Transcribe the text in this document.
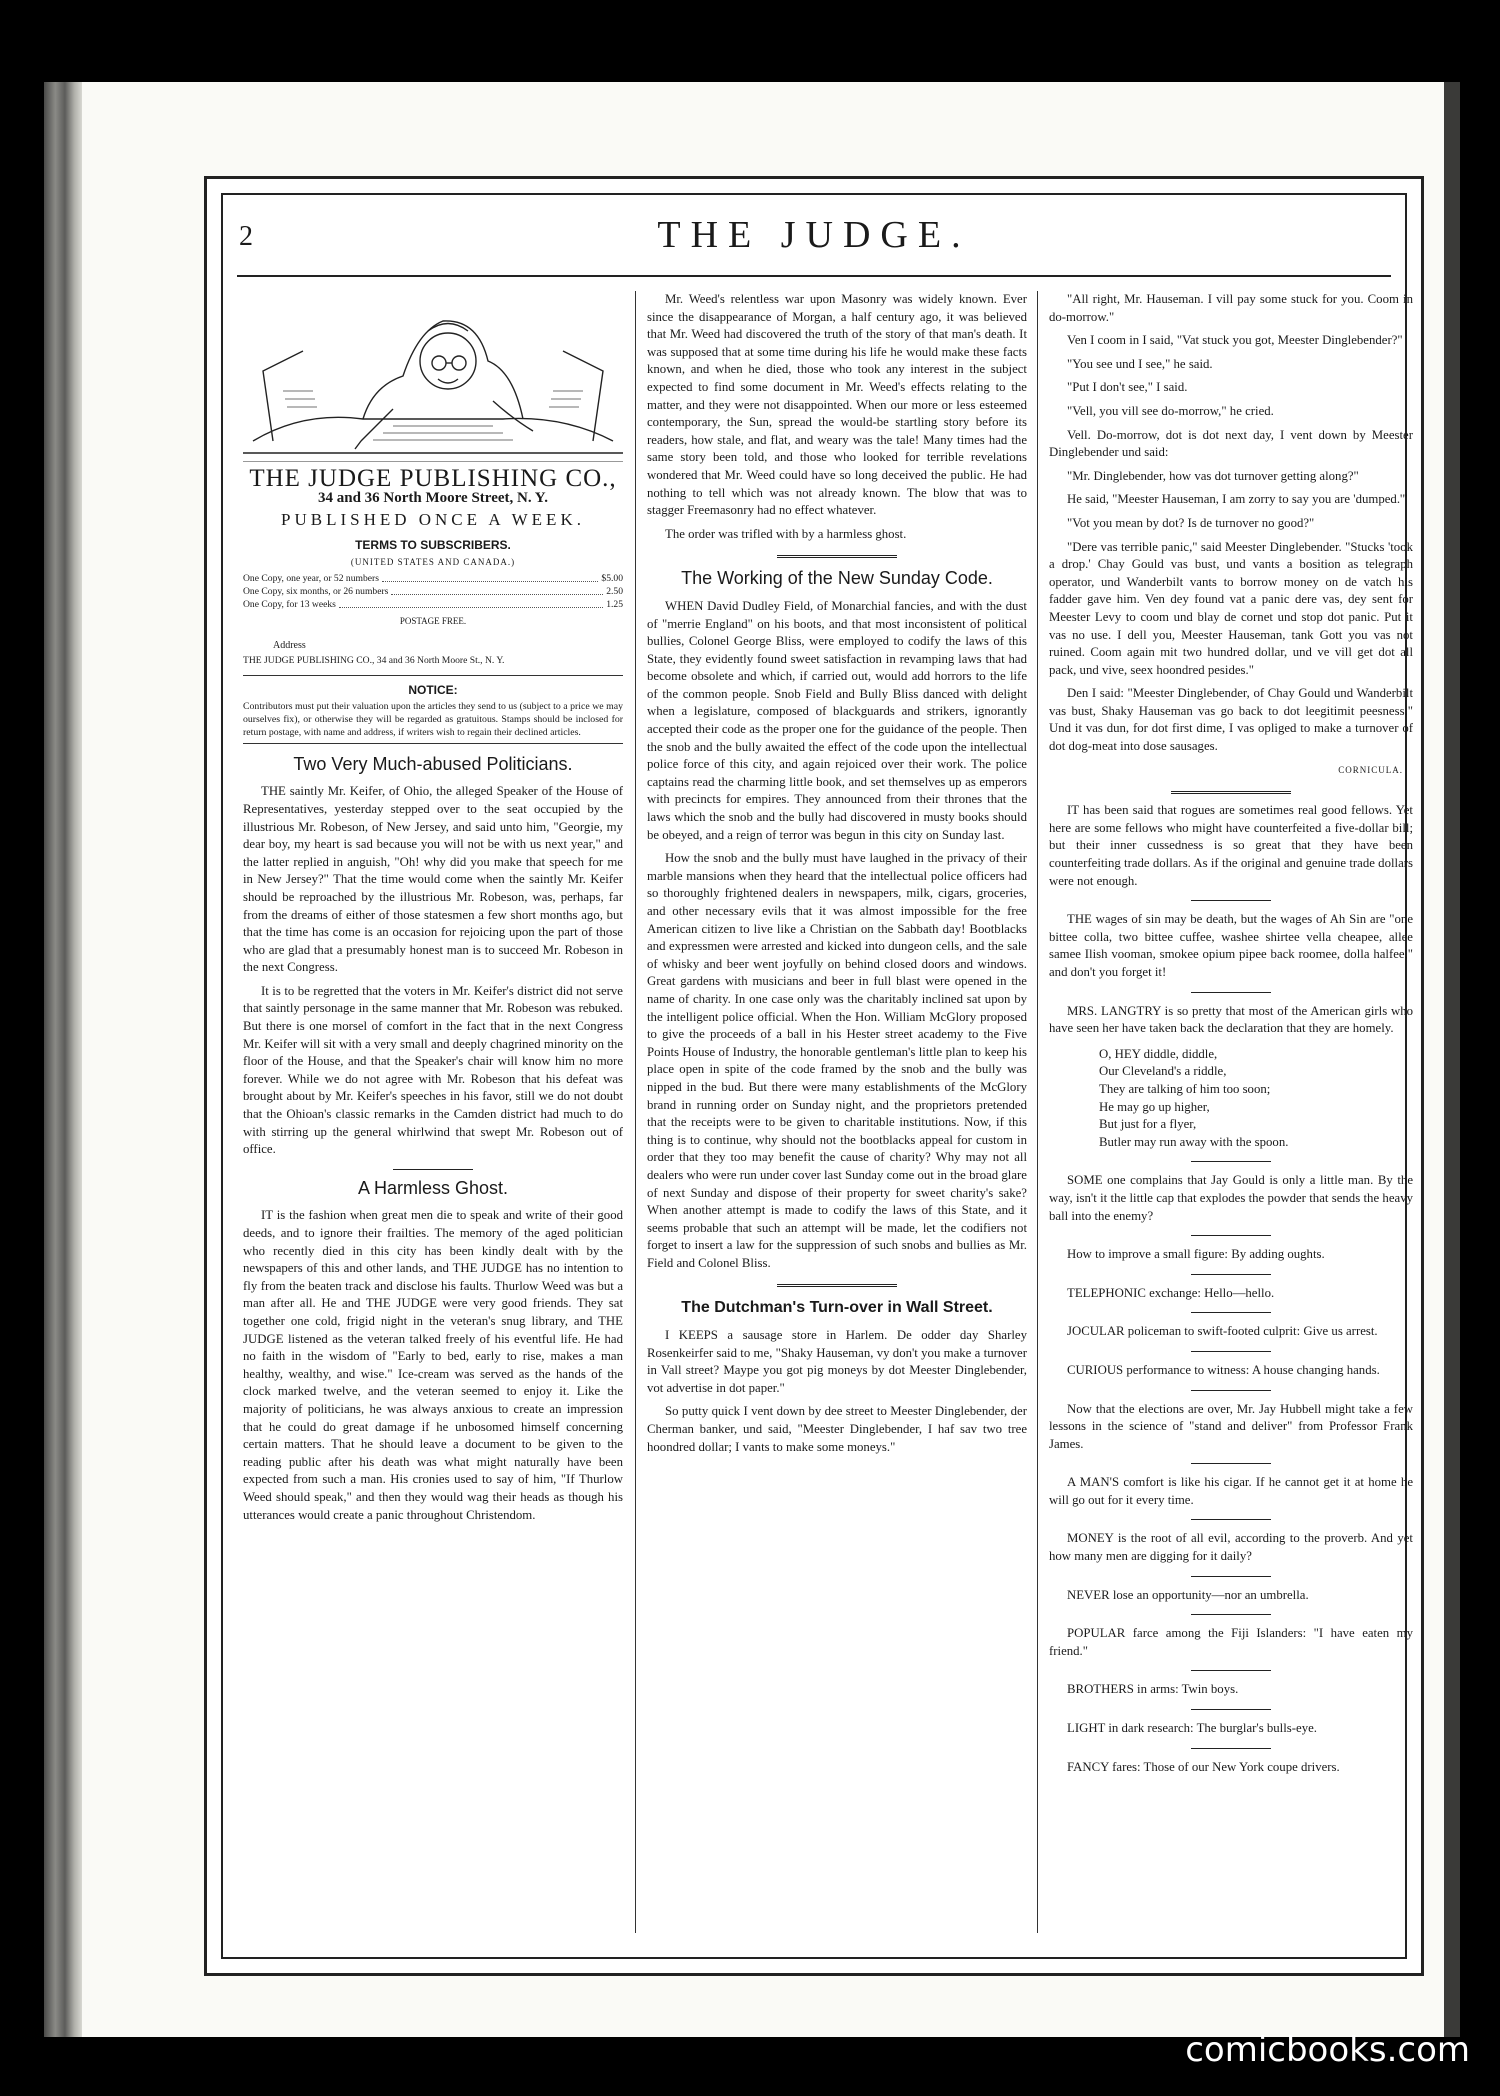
2	THE JUDGE.
THE JUDGE PUBLISHING CO.,
34 and 36 North Moore Street, N. Y.
PUBLISHED ONCE A WEEK.
TERMS TO SUBSCRIBERS.
(UNITED STATES AND CANADA.)
One Copy, one year, or 52 numbers	$5.00
One Copy, six months, or 26 numbers	2.50
One Copy, for 13 weeks	1.25
POSTAGE FREE.
Address
THE JUDGE PUBLISHING CO., 34 and 36 North Moore St., N. Y.
NOTICE:
Contributors must put their valuation upon the articles they send to us (subject to a price we may ourselves fix), or otherwise they will be regarded as gratuitous. Stamps should be inclosed for return postage, with name and address, if writers wish to regain their declined articles.
Two Very Much-abused Politicians.

THE saintly Mr. Keifer, of Ohio, the alleged Speaker of the House of Representatives, yesterday stepped over to the seat occupied by the illustrious Mr. Robeson, of New Jersey, and said unto him, "Georgie, my dear boy, my heart is sad because you will not be with us next year," and the latter replied in anguish, "Oh! why did you make that speech for me in New Jersey?" That the time would come when the saintly Mr. Keifer should be reproached by the illustrious Mr. Robeson, was, perhaps, far from the dreams of either of those statesmen a few short months ago, but that the time has come is an occasion for rejoicing upon the part of those who are glad that a presumably honest man is to succeed Mr. Robeson in the next Congress.

It is to be regretted that the voters in Mr. Keifer's district did not serve that saintly personage in the same manner that Mr. Robeson was rebuked. But there is one morsel of comfort in the fact that in the next Congress Mr. Keifer will sit with a very small and deeply chagrined minority on the floor of the House, and that the Speaker's chair will know him no more forever. While we do not agree with Mr. Robeson that his defeat was brought about by Mr. Keifer's speeches in his favor, still we do not doubt that the Ohioan's classic remarks in the Camden district had much to do with stirring up the general whirlwind that swept Mr. Robeson out of office.

A Harmless Ghost.

IT is the fashion when great men die to speak and write of their good deeds, and to ignore their frailties. The memory of the aged politician who recently died in this city has been kindly dealt with by the newspapers of this and other lands, and THE JUDGE has no intention to fly from the beaten track and disclose his faults. Thurlow Weed was but a man after all. He and THE JUDGE were very good friends. They sat together one cold, frigid night in the veteran's snug library, and THE JUDGE listened as the veteran talked freely of his eventful life. He had no faith in the wisdom of "Early to bed, early to rise, makes a man healthy, wealthy, and wise." Ice-cream was served as the hands of the clock marked twelve, and the veteran seemed to enjoy it. Like the majority of politicians, he was always anxious to create an impression that he could do great damage if he unbosomed himself concerning certain matters. That he should leave a document to be given to the reading public after his death was what might naturally have been expected from such a man. His cronies used to say of him, "If Thurlow Weed should speak," and then they would wag their heads as though his utterances would create a panic throughout Christendom.

Mr. Weed's relentless war upon Masonry was widely known. Ever since the disappearance of Morgan, a half century ago, it was believed that Mr. Weed had discovered the truth of the story of that man's death. It was supposed that at some time during his life he would make these facts known, and when he died, those who took any interest in the subject expected to find some document in Mr. Weed's effects relating to the matter, and they were not disappointed. When our more or less esteemed contemporary, the Sun, spread the would-be startling story before its readers, how stale, and flat, and weary was the tale! Many times had the same story been told, and those who looked for terrible revelations wondered that Mr. Weed could have so long deceived the public. He had nothing to tell which was not already known. The blow that was to stagger Freemasonry had no effect whatever.

The order was trifled with by a harmless ghost.

The Working of the New Sunday Code.

WHEN David Dudley Field, of Monarchial fancies, and with the dust of "merrie England" on his boots, and that most inconsistent of political bullies, Colonel George Bliss, were employed to codify the laws of this State, they evidently found sweet satisfaction in revamping laws that had become obsolete and which, if carried out, would add horrors to the life of the common people. Snob Field and Bully Bliss danced with delight when a legislature, composed of blackguards and strikers, ignorantly accepted their code as the proper one for the guidance of the people. Then the snob and the bully awaited the effect of the code upon the intellectual police force of this city, and again rejoiced over their work. The police captains read the charming little book, and set themselves up as emperors with precincts for empires. They announced from their thrones that the laws which the snob and the bully had discovered in musty books should be obeyed, and a reign of terror was begun in this city on Sunday last.

How the snob and the bully must have laughed in the privacy of their marble mansions when they heard that the intellectual police officers had so thoroughly frightened dealers in newspapers, milk, cigars, groceries, and other necessary evils that it was almost impossible for the free American citizen to live like a Christian on the Sabbath day! Bootblacks and expressmen were arrested and kicked into dungeon cells, and the sale of whisky and beer went joyfully on behind closed doors and windows. Great gardens with musicians and beer in full blast were opened in the name of charity. In one case only was the charitably inclined sat upon by the intelligent police official. When the Hon. William McGlory proposed to give the proceeds of a ball in his Hester street academy to the Five Points House of Industry, the honorable gentleman's little plan to keep his place open in spite of the code framed by the snob and the bully was nipped in the bud. But there were many establishments of the McGlory brand in running order on Sunday night, and the proprietors pretended that the receipts were to be given to charitable institutions. Now, if this thing is to continue, why should not the bootblacks appeal for custom in order that they too may benefit the cause of charity? Why may not all dealers who were run under cover last Sunday come out in the broad glare of next Sunday and dispose of their property for sweet charity's sake? When another attempt is made to codify the laws of this State, and it seems probable that such an attempt will be made, let the codifiers not forget to insert a law for the suppression of such snobs and bullies as Mr. Field and Colonel Bliss.

The Dutchman's Turn-over in Wall Street.

I KEEPS a sausage store in Harlem. De odder day Sharley Rosenkeirfer said to me, "Shaky Hauseman, vy don't you make a turnover in Vall street? Maype you got pig moneys by dot Meester Dinglebender, vot advertise in dot paper."

So putty quick I vent down by dee street to Meester Dinglebender, der Cherman banker, und said, "Meester Dinglebender, I haf sav two tree hoondred dollar; I vants to make some moneys."

"All right, Mr. Hauseman. I vill pay some stuck for you. Coom in do-morrow."

Ven I coom in I said, "Vat stuck you got, Meester Dinglebender?"

"You see und I see," he said.

"Put I don't see," I said.

"Vell, you vill see do-morrow," he cried.

Vell. Do-morrow, dot is dot next day, I vent down by Meester Dinglebender und said:

"Mr. Dinglebender, how vas dot turnover getting along?"

He said, "Meester Hauseman, I am zorry to say you are 'dumped.'"

"Vot you mean by dot? Is de turnover no good?"

"Dere vas terrible panic," said Meester Dinglebender. "Stucks 'took a drop.' Chay Gould vas bust, und vants a bosition as telegraph operator, und Wanderbilt vants to borrow money on de vatch his fadder gave him. Ven dey found vat a panic dere vas, dey sent for Meester Levy to coom und blay de cornet und stop dot panic. Put it vas no use. I dell you, Meester Hauseman, tank Gott you vas not ruined. Coom again mit two hundred dollar, und ve vill get dot all pack, und vive, seex hoondred pesides."

Den I said: "Meester Dinglebender, of Chay Gould und Wanderbilt vas bust, Shaky Hauseman vas go back to dot leegitimit peesness." Und it vas dun, for dot first dime, I vas opliged to make a turnover of dot dog-meat into dose sausages.

CORNICULA.

IT has been said that rogues are sometimes real good fellows. Yet here are some fellows who might have counterfeited a five-dollar bill; but their inner cussedness is so great that they have been counterfeiting trade dollars. As if the original and genuine trade dollars were not enough.

THE wages of sin may be death, but the wages of Ah Sin are "one bittee colla, two bittee cuffee, washee shirtee vella cheapee, allee samee Ilish vooman, smokee opium pipee back roomee, dolla halfee," and don't you forget it!

MRS. LANGTRY is so pretty that most of the American girls who have seen her have taken back the declaration that they are homely.

O, HEY diddle, diddle,
Our Cleveland's a riddle,
They are talking of him too soon;
He may go up higher,
But just for a flyer,
Butler may run away with the spoon.

SOME one complains that Jay Gould is only a little man. By the way, isn't it the little cap that explodes the powder that sends the heavy ball into the enemy?

How to improve a small figure: By adding oughts.

TELEPHONIC exchange: Hello—hello.

JOCULAR policeman to swift-footed culprit: Give us arrest.

CURIOUS performance to witness: A house changing hands.

Now that the elections are over, Mr. Jay Hubbell might take a few lessons in the science of "stand and deliver" from Professor Frank James.

A MAN'S comfort is like his cigar. If he cannot get it at home he will go out for it every time.

MONEY is the root of all evil, according to the proverb. And yet how many men are digging for it daily?

NEVER lose an opportunity—nor an umbrella.

POPULAR farce among the Fiji Islanders: "I have eaten my friend."

BROTHERS in arms: Twin boys.

LIGHT in dark research: The burglar's bulls-eye.

FANCY fares: Those of our New York coupe drivers.

comicbooks.com
